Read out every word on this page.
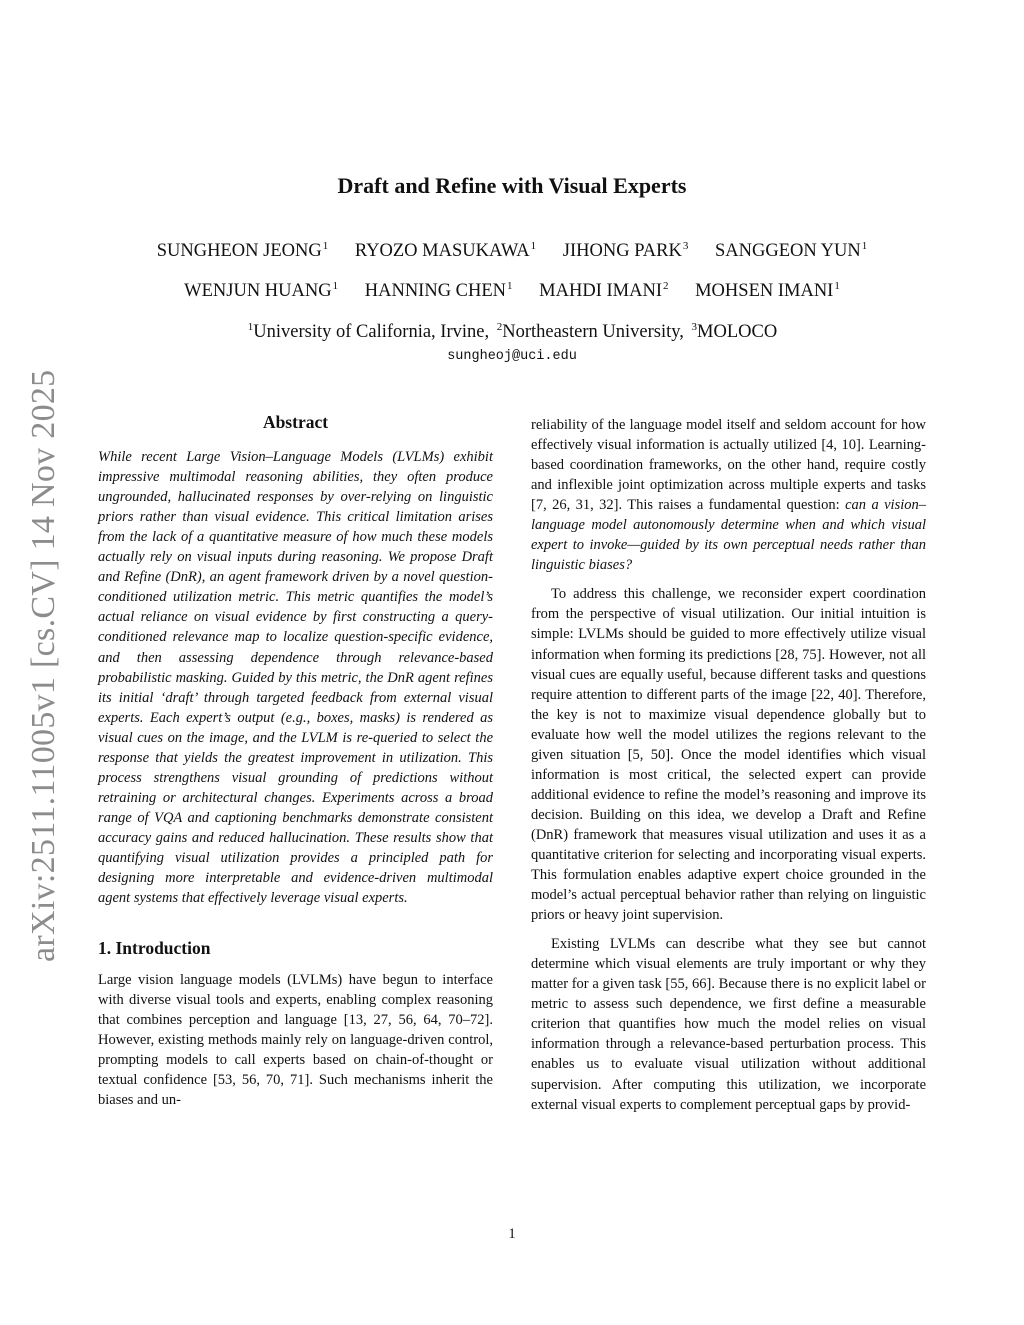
arXiv:2511.11005v1 [cs.CV] 14 Nov 2025
Draft and Refine with Visual Experts
SUNGHEON JEONG$^1$ RYOZO MASUKAWA$^1$ JIHONG PARK$^3$ SANGGEON YUN$^1$
WENJUN HUANG$^1$ HANNING CHEN$^1$ MAHDI IMANI$^2$ MOHSEN IMANI$^1$
$^1$University of California, Irvine, $^2$Northeastern University, $^3$MOLOCO
sungheoj@uci.edu
Abstract

While recent Large Vision–Language Models (LVLMs) exhibit impressive multimodal reasoning abilities, they often produce ungrounded, hallucinated responses by over-relying on linguistic priors rather than visual evidence. This critical limitation arises from the lack of a quantitative measure of how much these models actually rely on visual inputs during reasoning. We propose Draft and Refine (DnR), an agent framework driven by a novel question-conditioned utilization metric. This metric quantifies the model’s actual reliance on visual evidence by first constructing a query-conditioned relevance map to localize question-specific evidence, and then assessing dependence through relevance-based probabilistic masking. Guided by this metric, the DnR agent refines its initial ‘draft’ through targeted feedback from external visual experts. Each expert’s output (e.g., boxes, masks) is rendered as visual cues on the image, and the LVLM is re-queried to select the response that yields the greatest improvement in utilization. This process strengthens visual grounding of predictions without retraining or architectural changes. Experiments across a broad range of VQA and captioning benchmarks demonstrate consistent accuracy gains and reduced hallucination. These results show that quantifying visual utilization provides a principled path for designing more interpretable and evidence-driven multimodal agent systems that effectively leverage visual experts.

1. Introduction

Large vision language models (LVLMs) have begun to interface with diverse visual tools and experts, enabling complex reasoning that combines perception and language [13, 27, 56, 64, 70–72]. However, existing methods mainly rely on language-driven control, prompting models to call experts based on chain-of-thought or textual confidence [53, 56, 70, 71]. Such mechanisms inherit the biases and un-

reliability of the language model itself and seldom account for how effectively visual information is actually utilized [4, 10]. Learning-based coordination frameworks, on the other hand, require costly and inflexible joint optimization across multiple experts and tasks [7, 26, 31, 32]. This raises a fundamental question: can a vision–language model autonomously determine when and which visual expert to invoke—guided by its own perceptual needs rather than linguistic biases?

To address this challenge, we reconsider expert coordination from the perspective of visual utilization. Our initial intuition is simple: LVLMs should be guided to more effectively utilize visual information when forming its predictions [28, 75]. However, not all visual cues are equally useful, because different tasks and questions require attention to different parts of the image [22, 40]. Therefore, the key is not to maximize visual dependence globally but to evaluate how well the model utilizes the regions relevant to the given situation [5, 50]. Once the model identifies which visual information is most critical, the selected expert can provide additional evidence to refine the model’s reasoning and improve its decision. Building on this idea, we develop a Draft and Refine (DnR) framework that measures visual utilization and uses it as a quantitative criterion for selecting and incorporating visual experts. This formulation enables adaptive expert choice grounded in the model’s actual perceptual behavior rather than relying on linguistic priors or heavy joint supervision.

Existing LVLMs can describe what they see but cannot determine which visual elements are truly important or why they matter for a given task [55, 66]. Because there is no explicit label or metric to assess such dependence, we first define a measurable criterion that quantifies how much the model relies on visual information through a relevance-based perturbation process. This enables us to evaluate visual utilization without additional supervision. After computing this utilization, we incorporate external visual experts to complement perceptual gaps by provid-

1
